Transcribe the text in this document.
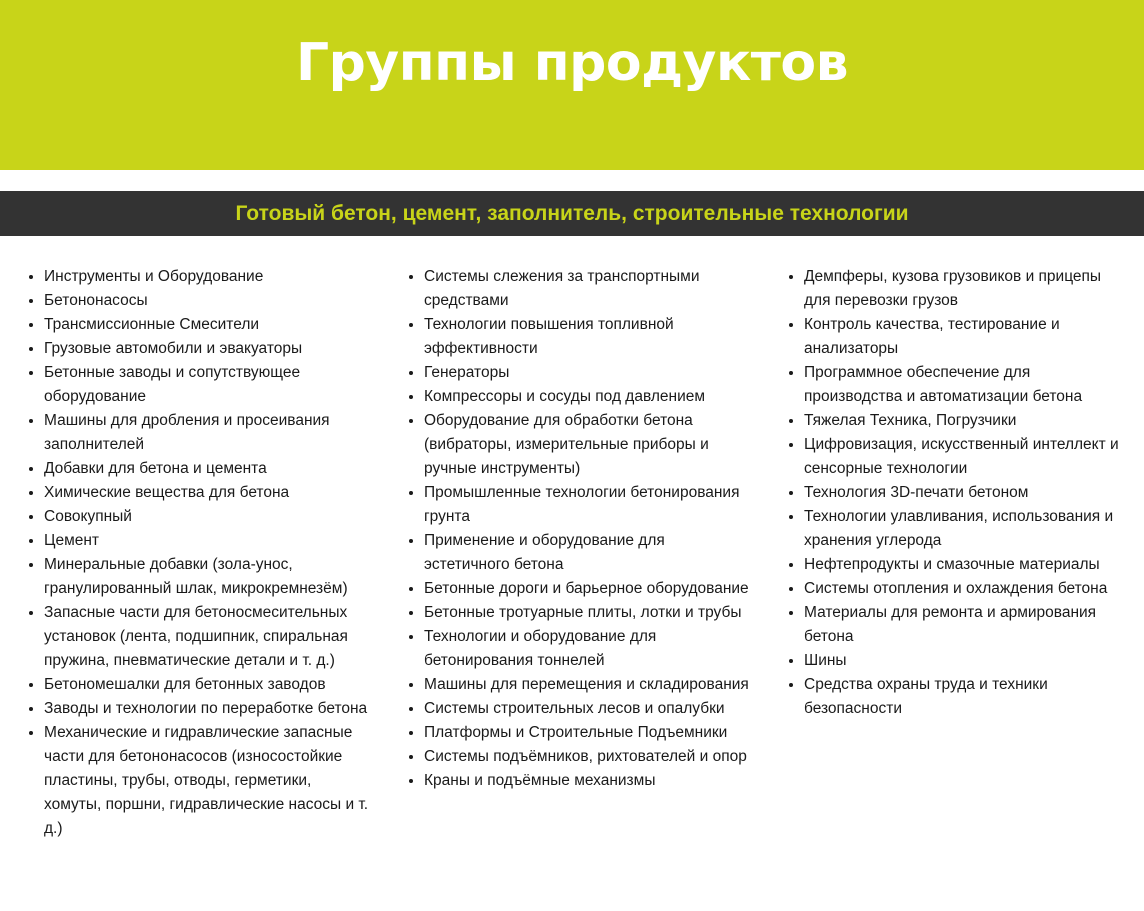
Группы продуктов
Готовый бетон, цемент, заполнитель, строительные технологии
• Инструменты и Оборудование
• Бетононасосы
• Трансмиссионные Смесители
• Грузовые автомобили и эвакуаторы
• Бетонные заводы и сопутствующее оборудование
• Машины для дробления и просеивания заполнителей
• Добавки для бетона и цемента
• Химические вещества для бетона
• Совокупный
• Цемент
• Минеральные добавки (зола-унос, гранулированный шлак, микрокремнезём)
• Запасные части для бетоносмесительных установок (лента, подшипник, спиральная пружина, пневматические детали и т. д.)
• Бетономешалки для бетонных заводов
• Заводы и технологии по переработке бетона
• Механические и гидравлические запасные части для бетононасосов (износостойкие пластины, трубы, отводы, герметики, хомуты, поршни, гидравлические насосы и т. д.)
• Системы слежения за транспортными средствами
• Технологии повышения топливной эффективности
• Генераторы
• Компрессоры и сосуды под давлением
• Оборудование для обработки бетона (вибраторы, измерительные приборы и ручные инструменты)
• Промышленные технологии бетонирования грунта
• Применение и оборудование для эстетичного бетона
• Бетонные дороги и барьерное оборудование
• Бетонные тротуарные плиты, лотки и трубы
• Технологии и оборудование для бетонирования тоннелей
• Машины для перемещения и складирования
• Системы строительных лесов и опалубки
• Платформы и Строительные Подъемники
• Системы подъёмников, рихтователей и опор
• Краны и подъёмные механизмы
• Демпферы, кузова грузовиков и прицепы для перевозки грузов
• Контроль качества, тестирование и анализаторы
• Программное обеспечение для производства и автоматизации бетона
• Тяжелая Техника, Погрузчики
• Цифровизация, искусственный интеллект и сенсорные технологии
• Технология 3D-печати бетоном
• Технологии улавливания, использования и хранения углерода
• Нефтепродукты и смазочные материалы
• Системы отопления и охлаждения бетона
• Материалы для ремонта и армирования бетона
• Шины
• Средства охраны труда и техники безопасности
